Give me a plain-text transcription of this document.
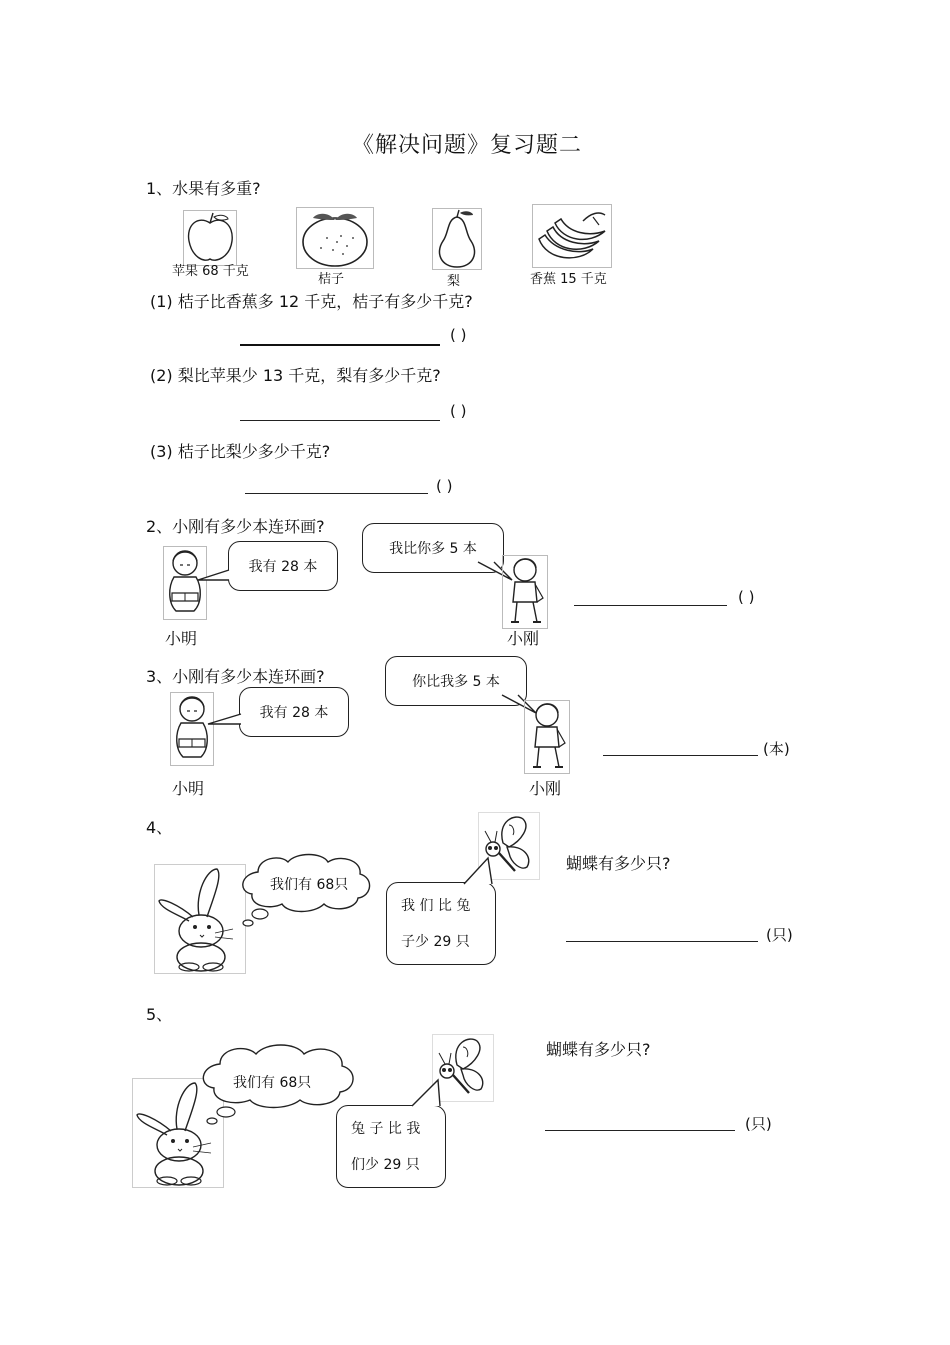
《解决问题》复习题二
1、水果有多重?
苹果 68 千克
桔子	梨	香蕉 15 千克
(1) 桔子比香蕉多 12 千克，桔子有多少千克?
( )
(2) 梨比苹果少 13 千克，梨有多少千克?
( )
(3) 桔子比梨少多少千克?
( )
2、小刚有多少本连环画?
我有 28 本
小明
我比你多 5 本
小刚
( )
3、小刚有多少本连环画?
我有 28 本
小明
你比我多 5 本
小刚
(本)
4、
我们有 68只
我 们 比 兔
子少 29 只
蝴蝶有多少只?
(只)
5、
我们有 68只
兔 子 比 我
们少 29 只
蝴蝶有多少只?
(只)
